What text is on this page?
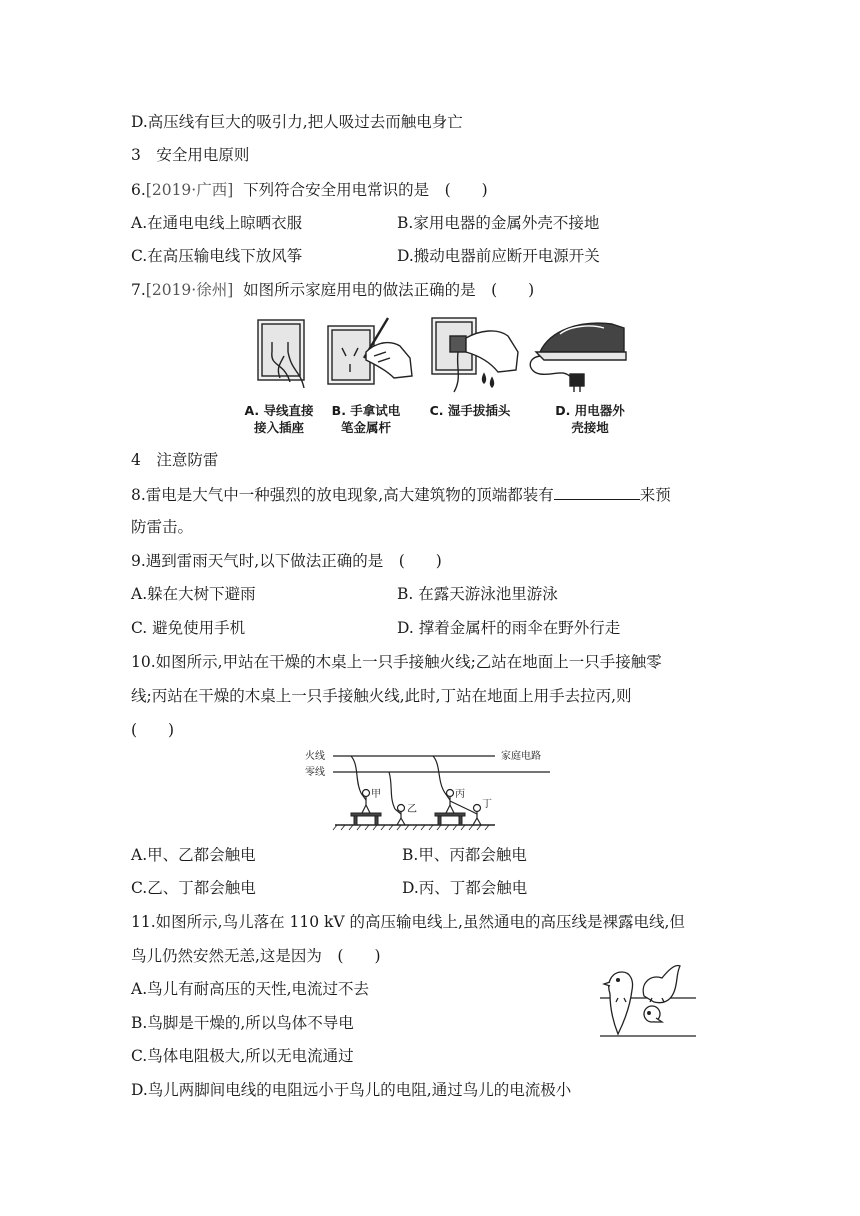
D.高压线有巨大的吸引力,把人吸过去而触电身亡
3　安全用电原则
6.[2019·广西] 下列符合安全用电常识的是　(　　)
A.在通电电线上晾晒衣服	B.家用电器的金属外壳不接地
C.在高压输电线下放风筝	D.搬动电器前应断开电源开关
7.[2019·徐州] 如图所示家庭用电的做法正确的是　(　　)
A. 导线直接
接入插座
B. 手拿试电
笔金属杆
C. 湿手拔插头	D. 用电器外
壳接地
4　注意防雷
8.雷电是大气中一种强烈的放电现象,高大建筑物的顶端都装有	来预
防雷击。
9.遇到雷雨天气时,以下做法正确的是　(　　)
A.躲在大树下避雨	B. 在露天游泳池里游泳
C. 避免使用手机	D. 撑着金属杆的雨伞在野外行走
10.如图所示,甲站在干燥的木桌上一只手接触火线;乙站在地面上一只手接触零
线;丙站在干燥的木桌上一只手接触火线,此时,丁站在地面上用手去拉丙,则
(　　)
火线
零线
家庭电路
甲
乙
丙
丁
A.甲、乙都会触电	B.甲、丙都会触电
C.乙、丁都会触电	D.丙、丁都会触电
11.如图所示,鸟儿落在 110 kV 的高压输电线上,虽然通电的高压线是裸露电线,但
鸟儿仍然安然无恙,这是因为　(　　)
A.鸟儿有耐高压的天性,电流过不去
B.鸟脚是干燥的,所以鸟体不导电
C.鸟体电阻极大,所以无电流通过
D.鸟儿两脚间电线的电阻远小于鸟儿的电阻,通过鸟儿的电流极小
